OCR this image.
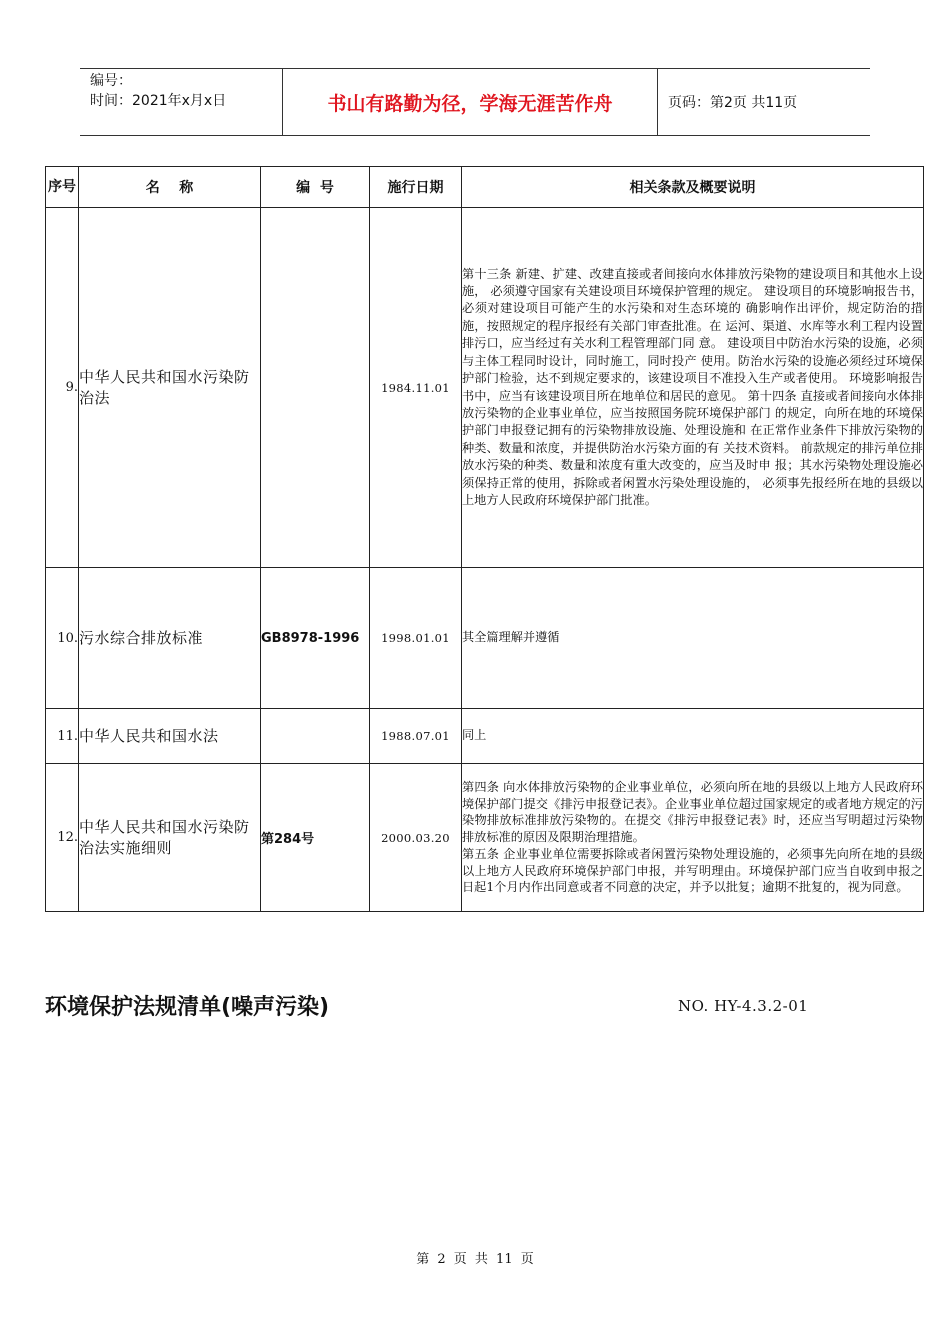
编号：
时间：2021年x月x日	书山有路勤为径，学海无涯苦作舟	页码：第2页 共11页
序号	名    称	编  号	施行日期	相关条款及概要说明
9.	中华人民共和国水污染防治法		1984.11.01	第十三条 新建、扩建、改建直接或者间接向水体排放污染物的建设项目和其他水上设施， 必须遵守国家有关建设项目环境保护管理的规定。 建设项目的环境影响报告书，必须对建设项目可能产生的水污染和对生态环境的 确影响作出评价，规定防治的措施，按照规定的程序报经有关部门审查批准。在 运河、渠道、水库等水利工程内设置排污口，应当经过有关水利工程管理部门同 意。 建设项目中防治水污染的设施，必须与主体工程同时设计，同时施工，同时投产 使用。防治水污染的设施必须经过环境保护部门检验，达不到规定要求的，该建设项目不准投入生产或者使用。 环境影响报告书中，应当有该建设项目所在地单位和居民的意见。 第十四条 直接或者间接向水体排放污染物的企业事业单位，应当按照国务院环境保护部门 的规定，向所在地的环境保护部门申报登记拥有的污染物排放设施、处理设施和 在正常作业条件下排放污染物的种类、数量和浓度，并提供防治水污染方面的有 关技术资料。 前款规定的排污单位排放水污染的种类、数量和浓度有重大改变的，应当及时申 报；其水污染物处理设施必须保持正常的使用，拆除或者闲置水污染处理设施的， 必须事先报经所在地的县级以上地方人民政府环境保护部门批准。
10.	污水综合排放标准	GB8978-1996	1998.01.01	其全篇理解并遵循
11.	中华人民共和国水法		1988.07.01	同上
12.	中华人民共和国水污染防治法实施细则	第284号	2000.03.20	第四条 向水体排放污染物的企业事业单位，必须向所在地的县级以上地方人民政府环境保护部门提交《排污申报登记表》。企业事业单位超过国家规定的或者地方规定的污染物排放标准排放污染物的。在提交《排污申报登记表》时，还应当写明超过污染物排放标准的原因及限期治理措施。
第五条 企业事业单位需要拆除或者闲置污染物处理设施的，必须事先向所在地的县级以上地方人民政府环境保护部门申报，并写明理由。环境保护部门应当自收到申报之日起1个月内作出同意或者不同意的决定，并予以批复；逾期不批复的，视为同意。
环境保护法规清单(噪声污染)	NO. HY-4.3.2-01
第 2 页 共 11 页
